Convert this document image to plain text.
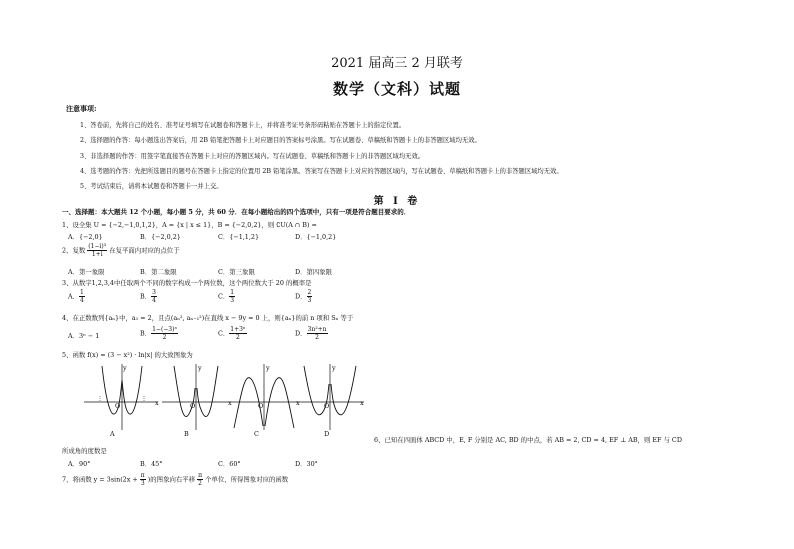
2021 届高三 2 月联考
数学（文科）试题
注意事项:
1、答卷前，先将自己的姓名、准考证号填写在试题卷和答题卡上，并将准考证号条形码粘贴在答题卡上的指定位置。
2、选择题的作答：每小题选出答案后，用 2B 铅笔把答题卡上对应题目的答案标号涂黑。写在试题卷、草稿纸和答题卡上的非答题区域均无效。
3、非选择题的作答：用签字笔直接答在答题卡上对应的答题区域内。写在试题卷、草稿纸和答题卡上的非答题区域均无效。
4、选考题的作答：先把所选题目的题号在答题卡上指定的位置用 2B 铅笔涂黑。答案写在答题卡上对应的答题区域内，写在试题卷、草稿纸和答题卡上的非答题区域均无效。
5、考试结束后，请将本试题卷和答题卡一并上交。
第 Ⅰ 卷
一、选择题：本大题共 12 个小题，每小题 5 分，共 60 分．在每小题给出的四个选项中，只有一项是符合题目要求的．
1、设全集 U = {−2,−1,0,1,2}，A = {x | x ≤ 1}，B = {−2,0,2}，则 ∁U(A ∩ B) =
A．{−2,0}	B．{−2,0,2}	C．{−1,1,2}	D．{−1,0,2}
2、复数 $\frac{\text{(1−i)³}}{1+i}$ 在复平面内对应的点位于
A．第一象限	B．第二象限	C．第三象限	D．第四象限
3、从数字1,2,3,4中任取两个不同的数字构成一个两位数，这个两位数大于 20 的概率是
A． $\frac{1}{4}$	B． $\frac{3}{4}$	C． $\frac{1}{3}$	D． $\frac{2}{3}$
4、在正数数列{aₙ}中，a₁ = 2，且点(aₙ², aₙ₋₁²)在直线 x − 9y = 0 上，则{aₙ}的前 n 项和 Sₙ 等于
A．3ⁿ − 1	B． $\frac{\text{1−(−3)ⁿ}}{2}$	C． $\frac{\text{1+3ⁿ}}{2}$	D． $\frac{\text{3n²+n}}{2}$
5、函数 f(x) = (3 − x²) · ln|x| 的大致图象为
y
O	x
A
y
O	x
B
y
O	x
C
y
O	x
D
6、已知在四面体 ABCD 中，E, F 分别是 AC, BD 的中点，若 AB = 2, CD = 4, EF ⊥ AB，则 EF 与 CD
所成角的度数是
A．90°	B．45°	C．60°	D．30°
7、将函数 $y = 3\sin(2x + \frac{\pi}{3}$ )的图象向右平移 $\frac{\pi}{2}$ 个单位，所得图象对应的函数
